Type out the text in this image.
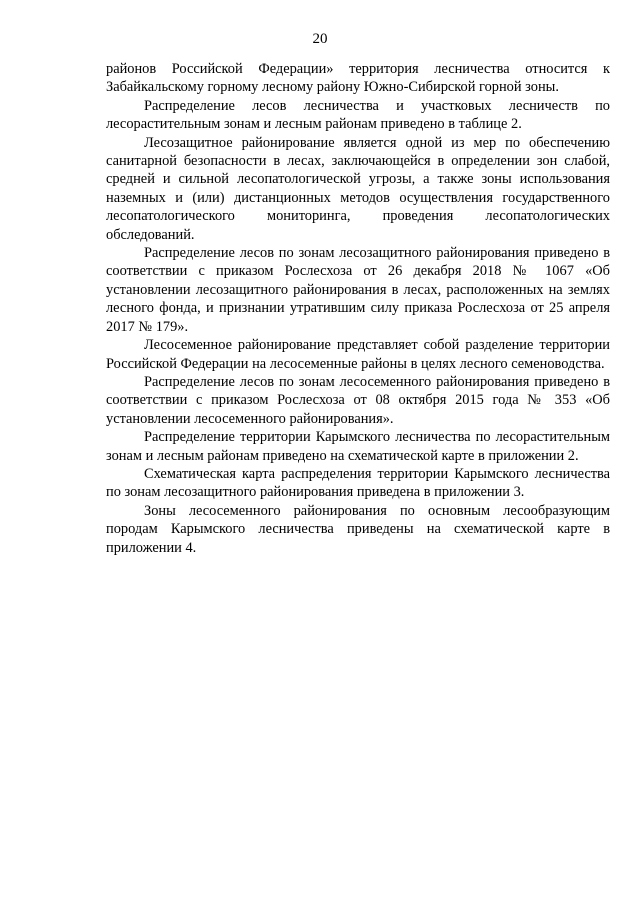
20

районов Российской Федерации» территория лесничества относится к Забайкальскому горному лесному району Южно-Сибирской горной зоны.

Распределение лесов лесничества и участковых лесничеств по лесорастительным зонам и лесным районам приведено в таблице 2.

Лесозащитное районирование является одной из мер по обеспечению санитарной безопасности в лесах, заключающейся в определении зон слабой, средней и сильной лесопатологической угрозы, а также зоны использования наземных и (или) дистанционных методов осуществления государственного лесопатологического мониторинга, проведения лесопатологических обследований.

Распределение лесов по зонам лесозащитного районирования приведено в соответствии с приказом Рослесхоза от 26 декабря 2018 № 1067 «Об установлении лесозащитного районирования в лесах, расположенных на землях лесного фонда, и признании утратившим силу приказа Рослесхоза от 25 апреля 2017 № 179».

Лесосеменное районирование представляет собой разделение территории Российской Федерации на лесосеменные районы в целях лесного семеноводства.

Распределение лесов по зонам лесосеменного районирования приведено в соответствии с приказом Рослесхоза от 08 октября 2015 года № 353 «Об установлении лесосеменного районирования».

Распределение территории Карымского лесничества по лесорастительным зонам и лесным районам приведено на схематической карте в приложении 2.

Схематическая карта распределения территории Карымского лесничества по зонам лесозащитного районирования приведена в приложении 3.

Зоны лесосеменного районирования по основным лесообразующим породам Карымского лесничества приведены на схематической карте в приложении 4.
